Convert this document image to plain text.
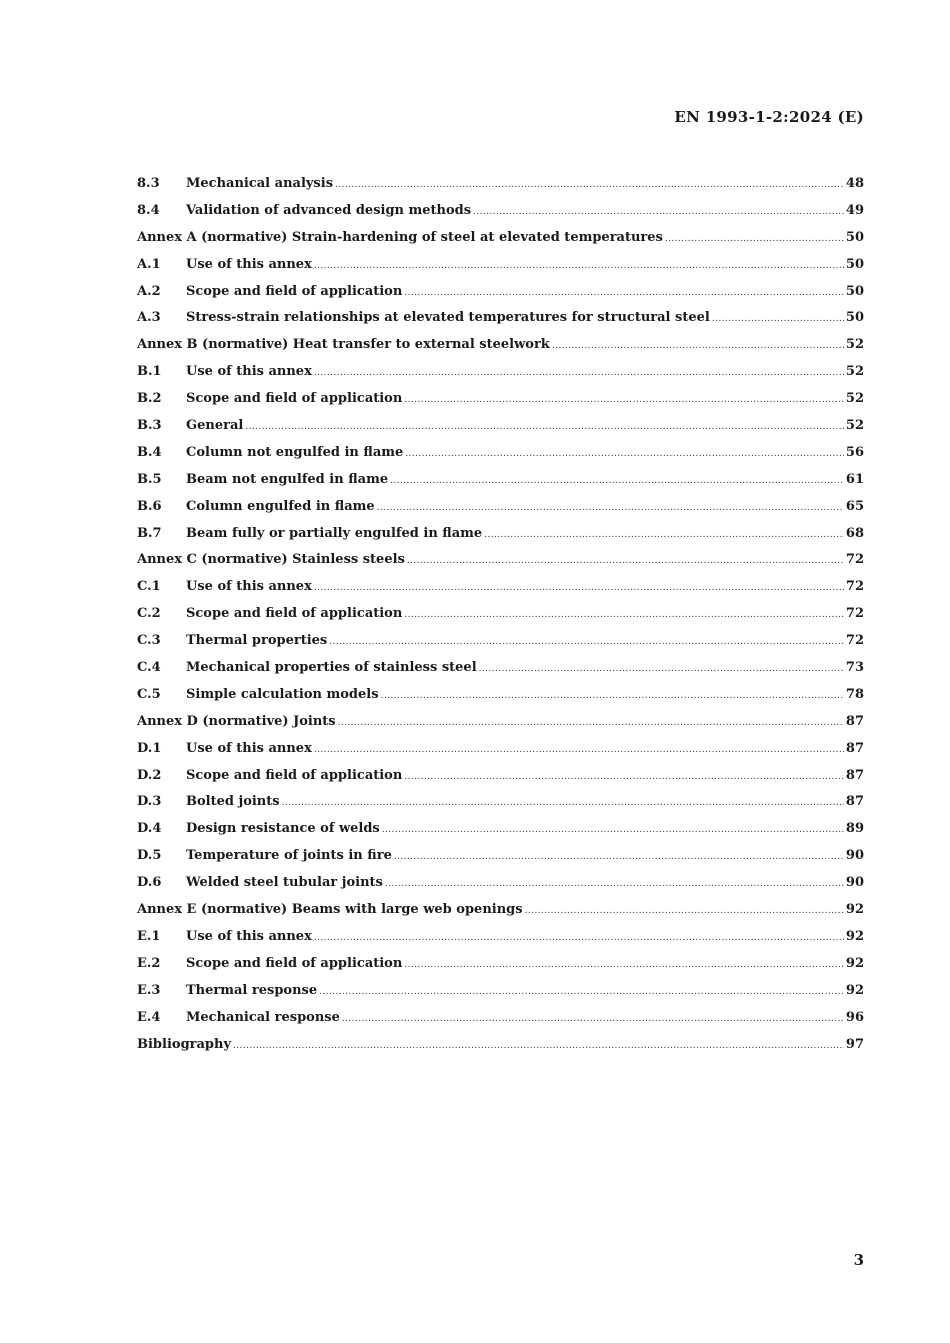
EN 1993-1-2:2024 (E)
8.3	Mechanical analysis .....	48
8.4	Validation of advanced design methods .....	49
Annex A (normative) Strain-hardening of steel at elevated temperatures .....	50
A.1	Use of this annex .....	50
A.2	Scope and field of application .....	50
A.3	Stress-strain relationships at elevated temperatures for structural steel .....	50
Annex B (normative) Heat transfer to external steelwork .....	52
B.1	Use of this annex .....	52
B.2	Scope and field of application .....	52
B.3	General .....	52
B.4	Column not engulfed in flame .....	56
B.5	Beam not engulfed in flame .....	61
B.6	Column engulfed in flame .....	65
B.7	Beam fully or partially engulfed in flame .....	68
Annex C (normative) Stainless steels .....	72
C.1	Use of this annex .....	72
C.2	Scope and field of application .....	72
C.3	Thermal properties .....	72
C.4	Mechanical properties of stainless steel .....	73
C.5	Simple calculation models .....	78
Annex D (normative) Joints .....	87
D.1	Use of this annex .....	87
D.2	Scope and field of application .....	87
D.3	Bolted joints .....	87
D.4	Design resistance of welds .....	89
D.5	Temperature of joints in fire .....	90
D.6	Welded steel tubular joints .....	90
Annex E (normative) Beams with large web openings .....	92
E.1	Use of this annex .....	92
E.2	Scope and field of application .....	92
E.3	Thermal response .....	92
E.4	Mechanical response .....	96
Bibliography .....	97
3
